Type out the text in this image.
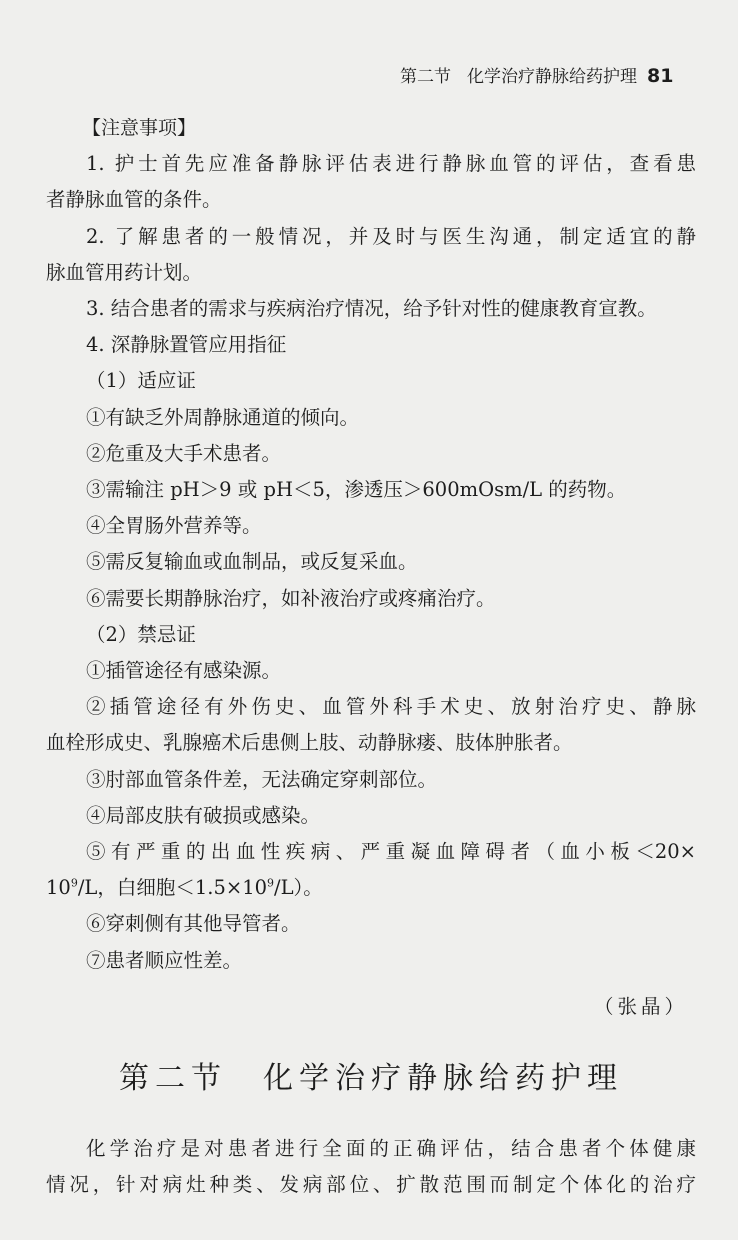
第二节 化学治疗静脉给药护理 81
【注意事项】
1. 护士首先应准备静脉评估表进行静脉血管的评估，查看患
者静脉血管的条件。
2. 了解患者的一般情况，并及时与医生沟通，制定适宜的静
脉血管用药计划。
3. 结合患者的需求与疾病治疗情况，给予针对性的健康教育宣教。
4. 深静脉置管应用指征
（1）适应证
①有缺乏外周静脉通道的倾向。
②危重及大手术患者。
③需输注 pH＞9 或 pH＜5，渗透压＞600mOsm/L 的药物。
④全胃肠外营养等。
⑤需反复输血或血制品，或反复采血。
⑥需要长期静脉治疗，如补液治疗或疼痛治疗。
（2）禁忌证
①插管途径有感染源。
②插管途径有外伤史、血管外科手术史、放射治疗史、静脉
血栓形成史、乳腺癌术后患侧上肢、动静脉瘘、肢体肿胀者。
③肘部血管条件差，无法确定穿刺部位。
④局部皮肤有破损或感染。
⑤有严重的出血性疾病、严重凝血障碍者（血小板＜20×
$10^9/L$，白细胞$<1.5\times 10^9/L$）。
⑥穿刺侧有其他导管者。
⑦患者顺应性差。
（张晶）
第二节 化学治疗静脉给药护理
化学治疗是对患者进行全面的正确评估，结合患者个体健康
情况，针对病灶种类、发病部位、扩散范围而制定个体化的治疗
